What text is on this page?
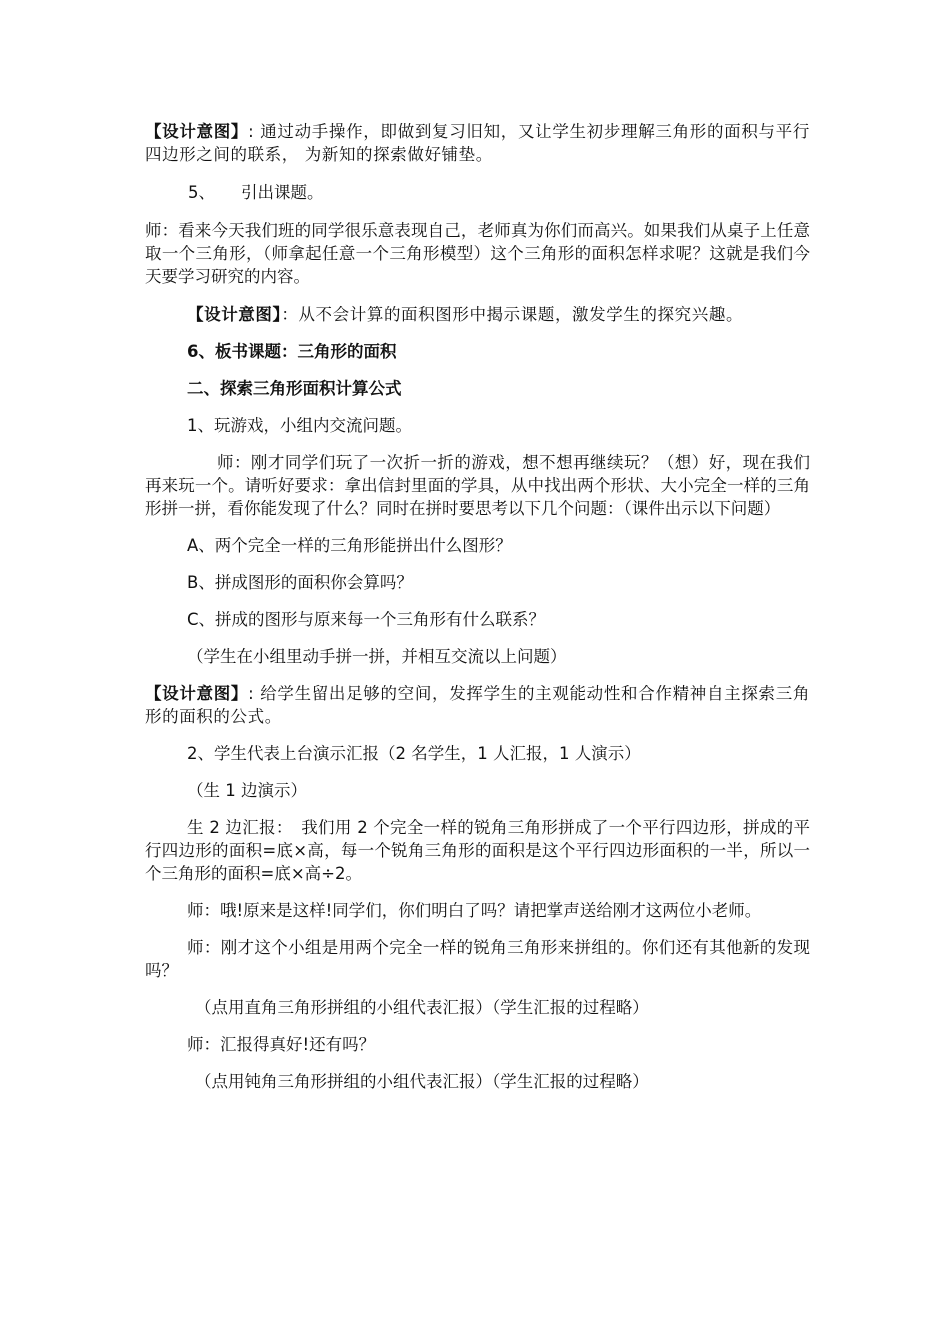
【设计意图】: 通过动手操作，即做到复习旧知，又让学生初步理解三角形的面积与平行四边形之间的联系， 为新知的探索做好铺垫。

5、 引出课题。

师：看来今天我们班的同学很乐意表现自己，老师真为你们而高兴。如果我们从桌子上任意取一个三角形，（师拿起任意一个三角形模型）这个三角形的面积怎样求呢？这就是我们今天要学习研究的内容。

【设计意图】：从不会计算的面积图形中揭示课题，激发学生的探究兴趣。

6、板书课题：三角形的面积

二、探索三角形面积计算公式

1、玩游戏，小组内交流问题。

师：刚才同学们玩了一次折一折的游戏，想不想再继续玩？（想）好，现在我们再来玩一个。请听好要求：拿出信封里面的学具，从中找出两个形状、大小完全一样的三角形拼一拼，看你能发现了什么？同时在拼时要思考以下几个问题：（课件出示以下问题）

A、两个完全一样的三角形能拼出什么图形？

B、拼成图形的面积你会算吗？

C、拼成的图形与原来每一个三角形有什么联系？

（学生在小组里动手拼一拼，并相互交流以上问题）

【设计意图】: 给学生留出足够的空间，发挥学生的主观能动性和合作精神自主探索三角形的面积的公式。

2、学生代表上台演示汇报（2 名学生，1 人汇报，1 人演示）

（生 1 边演示）

生 2 边汇报：　我们用 2 个完全一样的锐角三角形拼成了一个平行四边形，拼成的平行四边形的面积=底×高，每一个锐角三角形的面积是这个平行四边形面积的一半，所以一个三角形的面积=底×高÷2。

师：哦!原来是这样!同学们，你们明白了吗？请把掌声送给刚才这两位小老师。

师：刚才这个小组是用两个完全一样的锐角三角形来拼组的。你们还有其他新的发现吗？

（点用直角三角形拼组的小组代表汇报）（学生汇报的过程略）

师：汇报得真好!还有吗？

（点用钝角三角形拼组的小组代表汇报）（学生汇报的过程略）
